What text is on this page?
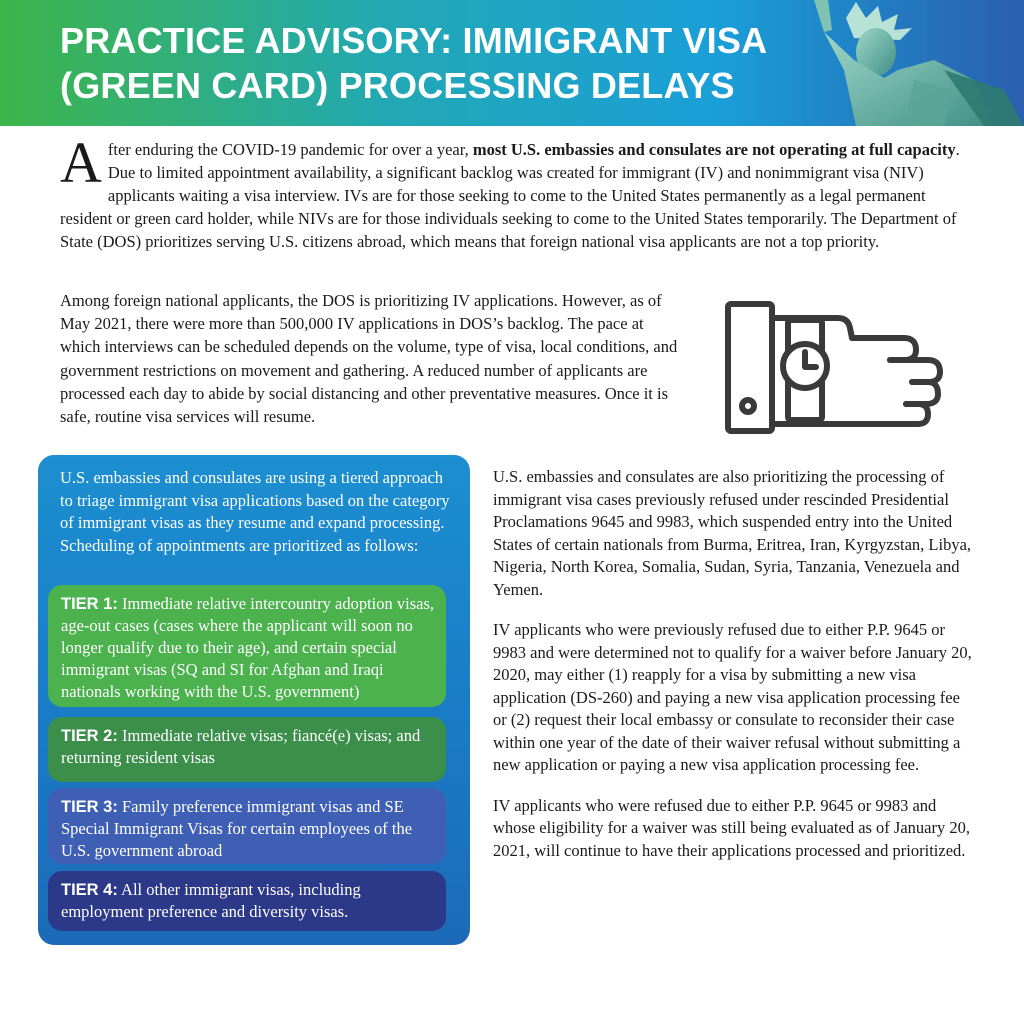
PRACTICE ADVISORY: IMMIGRANT VISA
(GREEN CARD) PROCESSING DELAYS
After enduring the COVID-19 pandemic for over a year, most U.S. embassies and consulates are not operating at full capacity. Due to limited appointment availability, a significant backlog was created for immigrant (IV) and nonimmigrant visa (NIV) applicants waiting a visa interview. IVs are for those seeking to come to the United States permanently as a legal permanent resident or green card holder, while NIVs are for those individuals seeking to come to the United States temporarily. The Department of State (DOS) prioritizes serving U.S. citizens abroad, which means that foreign national visa applicants are not a top priority.
Among foreign national applicants, the DOS is prioritizing IV applications. However, as of May 2021, there were more than 500,000 IV applications in DOS’s backlog. The pace at which interviews can be scheduled depends on the volume, type of visa, local conditions, and government restrictions on movement and gathering. A reduced number of applicants are processed each day to abide by social distancing and other preventative measures. Once it is safe, routine visa services will resume.
U.S. embassies and consulates are using a tiered approach to triage immigrant visa applications based on the category of immigrant visas as they resume and expand processing. Scheduling of appointments are prioritized as follows:
TIER 1: Immediate relative intercountry adoption visas, age-out cases (cases where the applicant will soon no longer qualify due to their age), and certain special immigrant visas (SQ and SI for Afghan and Iraqi nationals working with the U.S. government)
TIER 2: Immediate relative visas; fiancé(e) visas; and returning resident visas
TIER 3: Family preference immigrant visas and SE Special Immigrant Visas for certain employees of the U.S. government abroad
TIER 4: All other immigrant visas, including employment preference and diversity visas.

U.S. embassies and consulates are also prioritizing the processing of immigrant visa cases previously refused under rescinded Presidential Proclamations 9645 and 9983, which suspended entry into the United States of certain nationals from Burma, Eritrea, Iran, Kyrgyzstan, Libya, Nigeria, North Korea, Somalia, Sudan, Syria, Tanzania, Venezuela and Yemen.

IV applicants who were previously refused due to either P.P. 9645 or 9983 and were determined not to qualify for a waiver before January 20, 2020, may either (1) reapply for a visa by submitting a new visa application (DS-260) and paying a new visa application processing fee or (2) request their local embassy or consulate to reconsider their case within one year of the date of their waiver refusal without submitting a new application or paying a new visa application processing fee.

IV applicants who were refused due to either P.P. 9645 or 9983 and whose eligibility for a waiver was still being evaluated as of January 20, 2021, will continue to have their applications processed and prioritized.
